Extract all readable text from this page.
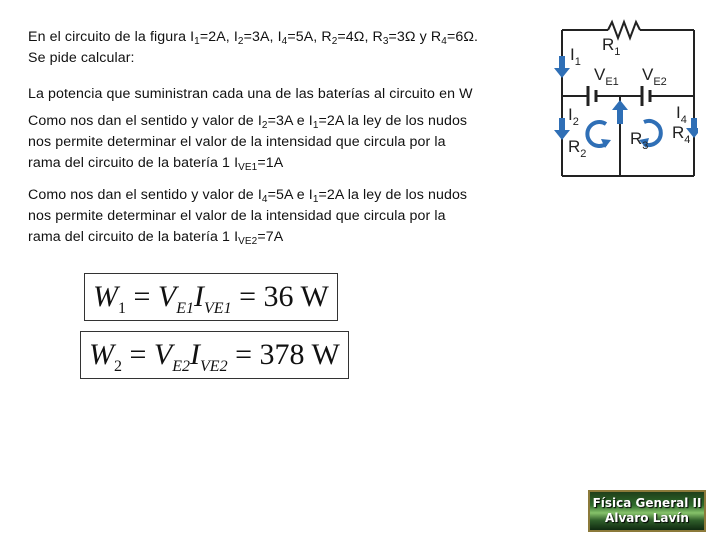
En el circuito de la figura $I_1=2A$, $I_2=3A$, $I_4=5A$, $R_2=4\Omega$, $R_3=3\Omega$ y $R_4=6\Omega$.
Se pide calcular:
La potencia que suministran cada una de las baterías al circuito en W
Como nos dan el sentido y valor de $I_2=3A$ e $I_1=2A$ la ley de los nudos
nos permite determinar el valor de la intensidad que circula por la
rama del circuito de la batería 1 $I_{VE1}=1A$
Como nos dan el sentido y valor de $I_4=5A$ e $I_1=2A$ la ley de los nudos
nos permite determinar el valor de la intensidad que circula por la
rama del circuito de la batería 1 $I_{VE2}=7A$
$W_1 = V_{E1}I_{VE1} = 36$ W
$W_2 = V_{E2}I_{VE2} = 378$ W
$I_1$
$R_1$
$V_{E1}$ $V_{E2}$
$I_2$	$I_4$
$R_2$
$R_3$
$R_4$
Física General II
Alvaro Lavín
